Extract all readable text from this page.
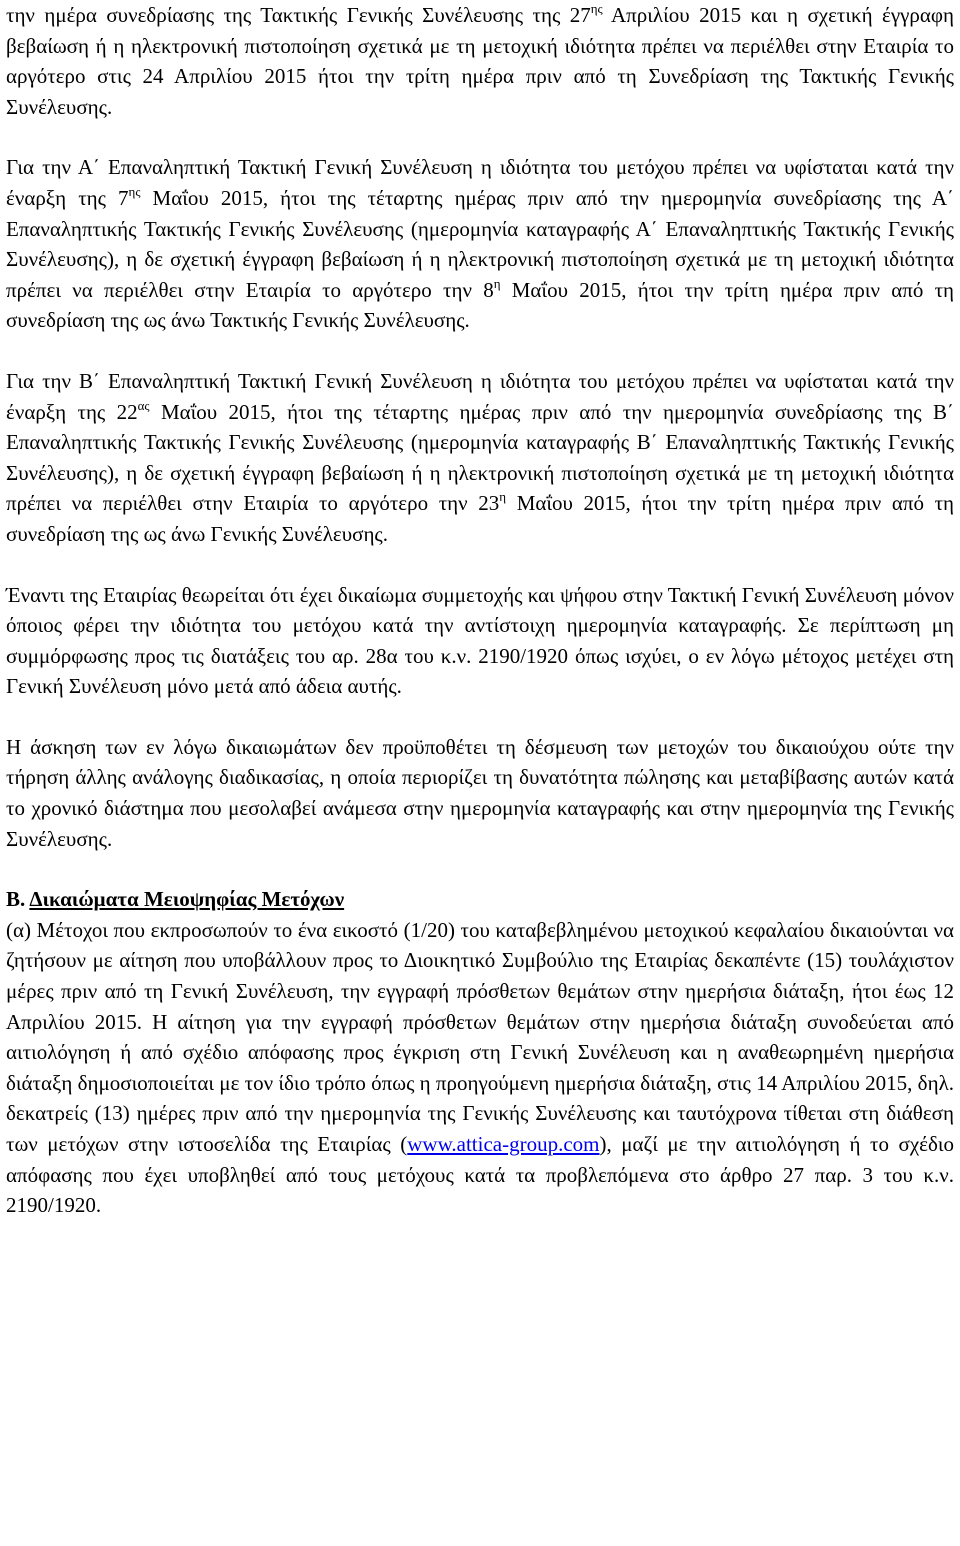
την ημέρα συνεδρίασης της Τακτικής Γενικής Συνέλευσης της $27^{\eta\varsigma}$ Απριλίου 2015 και η σχετική έγγραφη βεβαίωση ή η ηλεκτρονική πιστοποίηση σχετικά με τη μετοχική ιδιότητα πρέπει να περιέλθει στην Εταιρία το αργότερο στις 24 Απριλίου 2015 ήτοι την τρίτη ημέρα πριν από τη Συνεδρίαση της Τακτικής Γενικής Συνέλευσης.

Για την Α΄ Επαναληπτική Τακτική Γενική Συνέλευση η ιδιότητα του μετόχου πρέπει να υφίσταται κατά την έναρξη της $7^{\eta\varsigma}$ Μαΐου 2015, ήτοι της τέταρτης ημέρας πριν από την ημερομηνία συνεδρίασης της Α΄ Επαναληπτικής Τακτικής Γενικής Συνέλευσης (ημερομηνία καταγραφής Α΄ Επαναληπτικής Τακτικής Γενικής Συνέλευσης), η δε σχετική έγγραφη βεβαίωση ή η ηλεκτρονική πιστοποίηση σχετικά με τη μετοχική ιδιότητα πρέπει να περιέλθει στην Εταιρία το αργότερο την $8^\eta$ Μαΐου 2015, ήτοι την τρίτη ημέρα πριν από τη συνεδρίαση της ως άνω Τακτικής Γενικής Συνέλευσης.

Για την Β΄ Επαναληπτική Τακτική Γενική Συνέλευση η ιδιότητα του μετόχου πρέπει να υφίσταται κατά την έναρξη της $22^{\alpha\varsigma}$ Μαΐου 2015, ήτοι της τέταρτης ημέρας πριν από την ημερομηνία συνεδρίασης της Β΄ Επαναληπτικής Τακτικής Γενικής Συνέλευσης (ημερομηνία καταγραφής Β΄ Επαναληπτικής Τακτικής Γενικής Συνέλευσης), η δε σχετική έγγραφη βεβαίωση ή η ηλεκτρονική πιστοποίηση σχετικά με τη μετοχική ιδιότητα πρέπει να περιέλθει στην Εταιρία το αργότερο την $23^\eta$ Μαΐου 2015, ήτοι την τρίτη ημέρα πριν από τη συνεδρίαση της ως άνω Γενικής Συνέλευσης.

Έναντι της Εταιρίας θεωρείται ότι έχει δικαίωμα συμμετοχής και ψήφου στην Τακτική Γενική Συνέλευση μόνον όποιος φέρει την ιδιότητα του μετόχου κατά την αντίστοιχη ημερομηνία καταγραφής. Σε περίπτωση μη συμμόρφωσης προς τις διατάξεις του αρ. 28α του κ.ν. 2190/1920 όπως ισχύει, ο εν λόγω μέτοχος μετέχει στη Γενική Συνέλευση μόνο μετά από άδεια αυτής.

Η άσκηση των εν λόγω δικαιωμάτων δεν προϋποθέτει τη δέσμευση των μετοχών του δικαιούχου ούτε την τήρηση άλλης ανάλογης διαδικασίας, η οποία περιορίζει τη δυνατότητα πώλησης και μεταβίβασης αυτών κατά το χρονικό διάστημα που μεσολαβεί ανάμεσα στην ημερομηνία καταγραφής και στην ημερομηνία της Γενικής Συνέλευσης.

Β. Δικαιώματα Μειοψηφίας Μετόχων

(α) Μέτοχοι που εκπροσωπούν το ένα εικοστό (1/20) του καταβεβλημένου μετοχικού κεφαλαίου δικαιούνται να ζητήσουν με αίτηση που υποβάλλουν προς το Διοικητικό Συμβούλιο της Εταιρίας δεκαπέντε (15) τουλάχιστον μέρες πριν από τη Γενική Συνέλευση, την εγγραφή πρόσθετων θεμάτων στην ημερήσια διάταξη, ήτοι έως 12 Απριλίου 2015. Η αίτηση για την εγγραφή πρόσθετων θεμάτων στην ημερήσια διάταξη συνοδεύεται από αιτιολόγηση ή από σχέδιο απόφασης προς έγκριση στη Γενική Συνέλευση και η αναθεωρημένη ημερήσια διάταξη δημοσιοποιείται με τον ίδιο τρόπο όπως η προηγούμενη ημερήσια διάταξη, στις 14 Απριλίου 2015, δηλ. δεκατρείς (13) ημέρες πριν από την ημερομηνία της Γενικής Συνέλευσης και ταυτόχρονα τίθεται στη διάθεση των μετόχων στην ιστοσελίδα της Εταιρίας (www.attica-group.com), μαζί με την αιτιολόγηση ή το σχέδιο απόφασης που έχει υποβληθεί από τους μετόχους κατά τα προβλεπόμενα στο άρθρο 27 παρ. 3 του κ.ν. 2190/1920.
